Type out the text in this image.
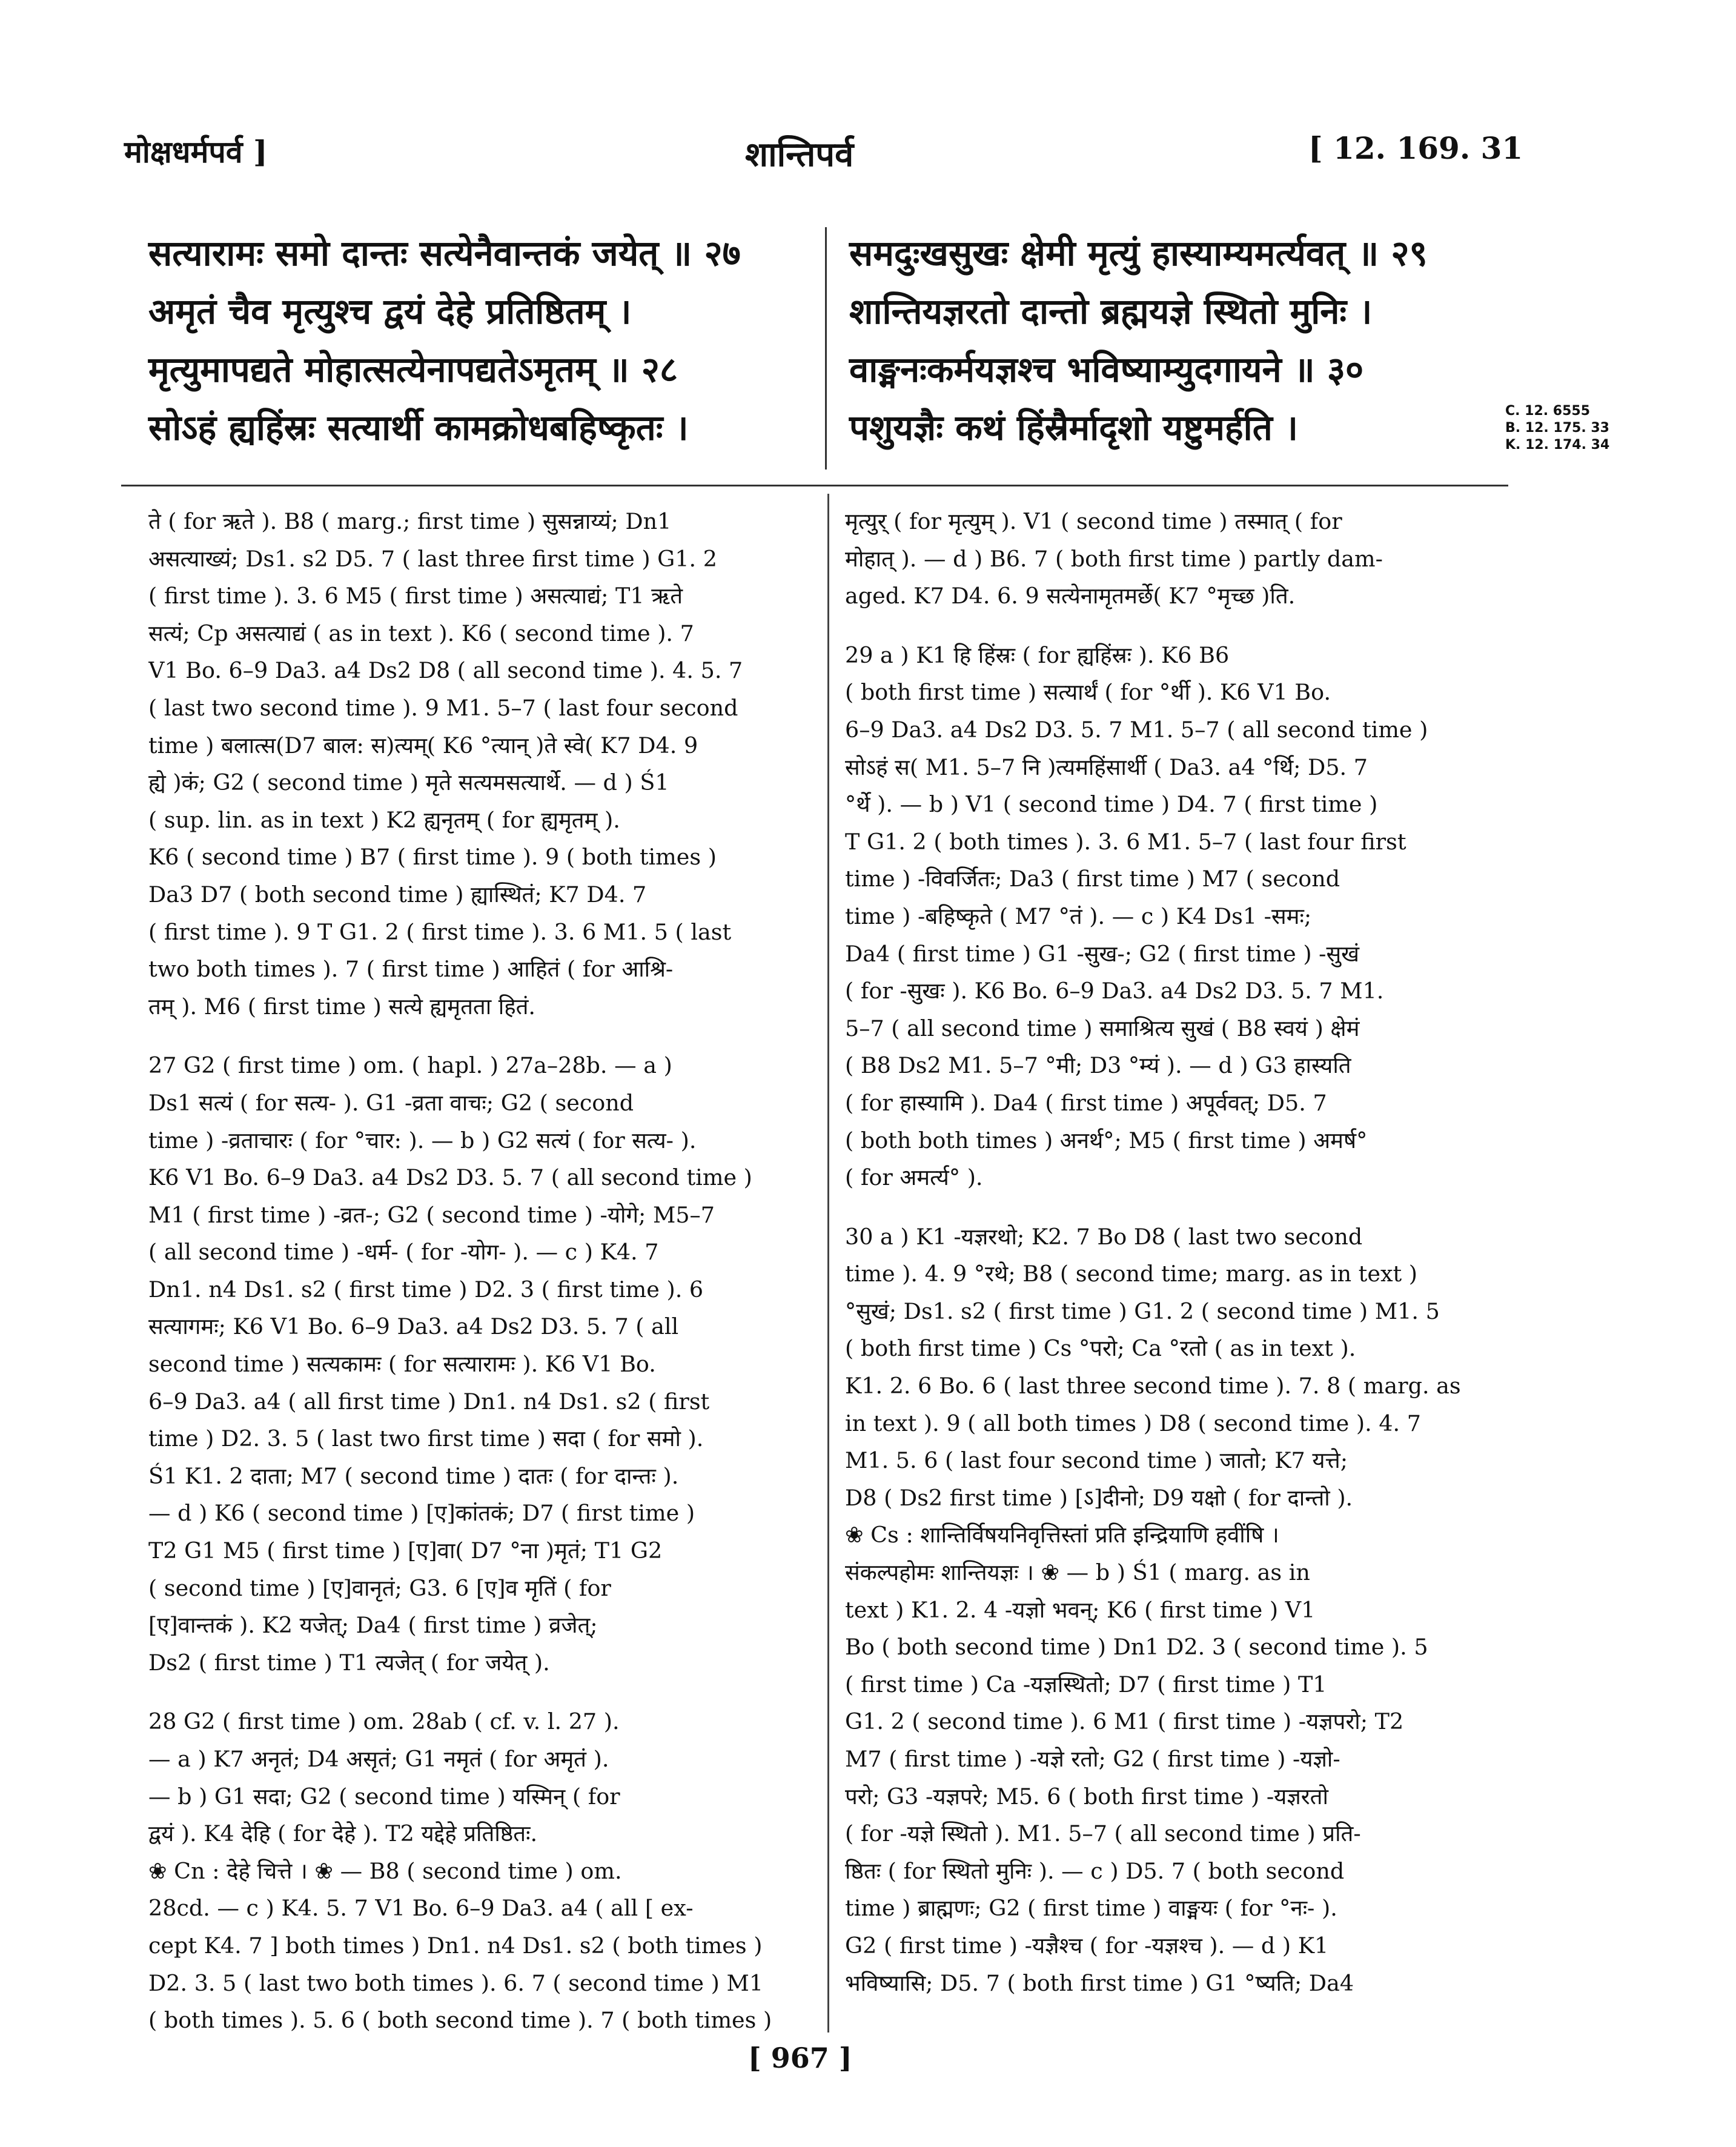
मोक्षधर्मपर्व ]	शान्तिपर्व	[ 12. 169. 31
सत्यारामः समो दान्तः सत्येनैवान्तकं जयेत् ॥ २७
अमृतं चैव मृत्युश्च द्वयं देहे प्रतिष्ठितम् ।
मृत्युमापद्यते मोहात्सत्येनापद्यतेऽमृतम् ॥ २८
सोऽहं ह्यहिंस्रः सत्यार्थी कामक्रोधबहिष्कृतः ।
समदुःखसुखः क्षेमी मृत्युं हास्याम्यमर्त्यवत् ॥ २९
शान्तियज्ञरतो दान्तो ब्रह्मयज्ञे स्थितो मुनिः ।
वाङ्मनःकर्मयज्ञश्च भविष्याम्युदगायने ॥ ३०
पशुयज्ञैः कथं हिंस्रैर्मादृशो यष्टुमर्हति ।	C. 12. 6555
B. 12. 175. 33
K. 12. 174. 34
ते ( for ऋते ). B8 ( marg.; first time ) सुसन्नाय्यं; Dn1
असत्याख्यं; Ds1. s2 D5. 7 ( last three first time ) G1. 2
( first time ). 3. 6 M5 ( first time ) असत्याद्यं; T1 ऋते
सत्यं; Cp असत्याद्यं ( as in text ). K6 ( second time ). 7
V1 Bo. 6–9 Da3. a4 Ds2 D8 ( all second time ). 4. 5. 7
( last two second time ). 9 M1. 5–7 ( last four second
time ) बलात्स(D7 बाल: स)त्यम्( K6 °त्यान् )ते स्वे( K7 D4. 9
ह्ये )कं; G2 ( second time ) मृते सत्यमसत्यार्थे. — d ) Ś1
( sup. lin. as in text ) K2 ह्यनृतम् ( for ह्यमृतम् ).
K6 ( second time ) B7 ( first time ). 9 ( both times )
Da3 D7 ( both second time ) ह्यास्थितं; K7 D4. 7
( first time ). 9 T G1. 2 ( first time ). 3. 6 M1. 5 ( last
two both times ). 7 ( first time ) आहितं ( for आश्रि-
तम् ). M6 ( first time ) सत्ये ह्यमृतता हितं.
27 G2 ( first time ) om. ( hapl. ) 27a–28b. — a )
Ds1 सत्यं ( for सत्य- ). G1 -व्रता वाचः; G2 ( second
time ) -व्रताचारः ( for °चार: ). — b ) G2 सत्यं ( for सत्य- ).
K6 V1 Bo. 6–9 Da3. a4 Ds2 D3. 5. 7 ( all second time )
M1 ( first time ) -व्रत-; G2 ( second time ) -योगे; M5–7
( all second time ) -धर्म- ( for -योग- ). — c ) K4. 7
Dn1. n4 Ds1. s2 ( first time ) D2. 3 ( first time ). 6
सत्यागमः; K6 V1 Bo. 6–9 Da3. a4 Ds2 D3. 5. 7 ( all
second time ) सत्यकामः ( for सत्यारामः ). K6 V1 Bo.
6–9 Da3. a4 ( all first time ) Dn1. n4 Ds1. s2 ( first
time ) D2. 3. 5 ( last two first time ) सदा ( for समो ).
Ś1 K1. 2 दाता; M7 ( second time ) दातः ( for दान्तः ).
— d ) K6 ( second time ) [ए]कांतकं; D7 ( first time )
T2 G1 M5 ( first time ) [ए]वा( D7 °ना )मृतं; T1 G2
( second time ) [ए]वानृतं; G3. 6 [ए]व मृतिं ( for
[ए]वान्तकं ). K2 यजेत्; Da4 ( first time ) व्रजेत्;
Ds2 ( first time ) T1 त्यजेत् ( for जयेत् ).
28 G2 ( first time ) om. 28ab ( cf. v. l. 27 ).
— a ) K7 अनृतं; D4 असृतं; G1 नमृतं ( for अमृतं ).
— b ) G1 सदा; G2 ( second time ) यस्मिन् ( for
द्वयं ). K4 देहि ( for देहे ). T2 यद्देहे प्रतिष्ठितः.
❀ Cn : देहे चित्ते । ❀ — B8 ( second time ) om.
28cd. — c ) K4. 5. 7 V1 Bo. 6–9 Da3. a4 ( all [ ex-
cept K4. 7 ] both times ) Dn1. n4 Ds1. s2 ( both times )
D2. 3. 5 ( last two both times ). 6. 7 ( second time ) M1
( both times ). 5. 6 ( both second time ). 7 ( both times )
मृत्युर् ( for मृत्युम् ). V1 ( second time ) तस्मात् ( for
मोहात् ). — d ) B6. 7 ( both first time ) partly dam-
aged. K7 D4. 6. 9 सत्येनामृतमर्छे( K7 °मृच्छ )ति.
29 a ) K1 हि हिंस्रः ( for ह्यहिंस्रः ). K6 B6
( both first time ) सत्यार्थं ( for °र्थी ). K6 V1 Bo.
6–9 Da3. a4 Ds2 D3. 5. 7 M1. 5–7 ( all second time )
सोऽहं स( M1. 5–7 नि )त्यमहिंसार्थी ( Da3. a4 °र्थि; D5. 7
°र्थे ). — b ) V1 ( second time ) D4. 7 ( first time )
T G1. 2 ( both times ). 3. 6 M1. 5–7 ( last four first
time ) -विवर्जितः; Da3 ( first time ) M7 ( second
time ) -बहिष्कृते ( M7 °तं ). — c ) K4 Ds1 -समः;
Da4 ( first time ) G1 -सुख-; G2 ( first time ) -सुखं
( for -सुखः ). K6 Bo. 6–9 Da3. a4 Ds2 D3. 5. 7 M1.
5–7 ( all second time ) समाश्रित्य सुखं ( B8 स्वयं ) क्षेमं
( B8 Ds2 M1. 5–7 °मी; D3 °म्यं ). — d ) G3 हास्यति
( for हास्यामि ). Da4 ( first time ) अपूर्ववत्; D5. 7
( both both times ) अनर्थ°; M5 ( first time ) अमर्ष°
( for अमर्त्य° ).
30 a ) K1 -यज्ञरथो; K2. 7 Bo D8 ( last two second
time ). 4. 9 °रथे; B8 ( second time; marg. as in text )
°सुखं; Ds1. s2 ( first time ) G1. 2 ( second time ) M1. 5
( both first time ) Cs °परो; Ca °रतो ( as in text ).
K1. 2. 6 Bo. 6 ( last three second time ). 7. 8 ( marg. as
in text ). 9 ( all both times ) D8 ( second time ). 4. 7
M1. 5. 6 ( last four second time ) जातो; K7 यत्ते;
D8 ( Ds2 first time ) [ऽ]दीनो; D9 यक्षो ( for दान्तो ).
❀ Cs : शान्तिर्विषयनिवृत्तिस्तां प्रति इन्द्रियाणि हवींषि ।
संकल्पहोमः शान्तियज्ञः । ❀ — b ) Ś1 ( marg. as in
text ) K1. 2. 4 -यज्ञो भवन्; K6 ( first time ) V1
Bo ( both second time ) Dn1 D2. 3 ( second time ). 5
( first time ) Ca -यज्ञस्थितो; D7 ( first time ) T1
G1. 2 ( second time ). 6 M1 ( first time ) -यज्ञपरो; T2
M7 ( first time ) -यज्ञे रतो; G2 ( first time ) -यज्ञो-
परो; G3 -यज्ञपरे; M5. 6 ( both first time ) -यज्ञरतो
( for -यज्ञे स्थितो ). M1. 5–7 ( all second time ) प्रति-
ष्ठितः ( for स्थितो मुनिः ). — c ) D5. 7 ( both second
time ) ब्राह्मणः; G2 ( first time ) वाङ्मयः ( for °नः- ).
G2 ( first time ) -यज्ञैश्च ( for -यज्ञश्च ). — d ) K1
भविष्यासि; D5. 7 ( both first time ) G1 °ष्यति; Da4
[ 967 ]
